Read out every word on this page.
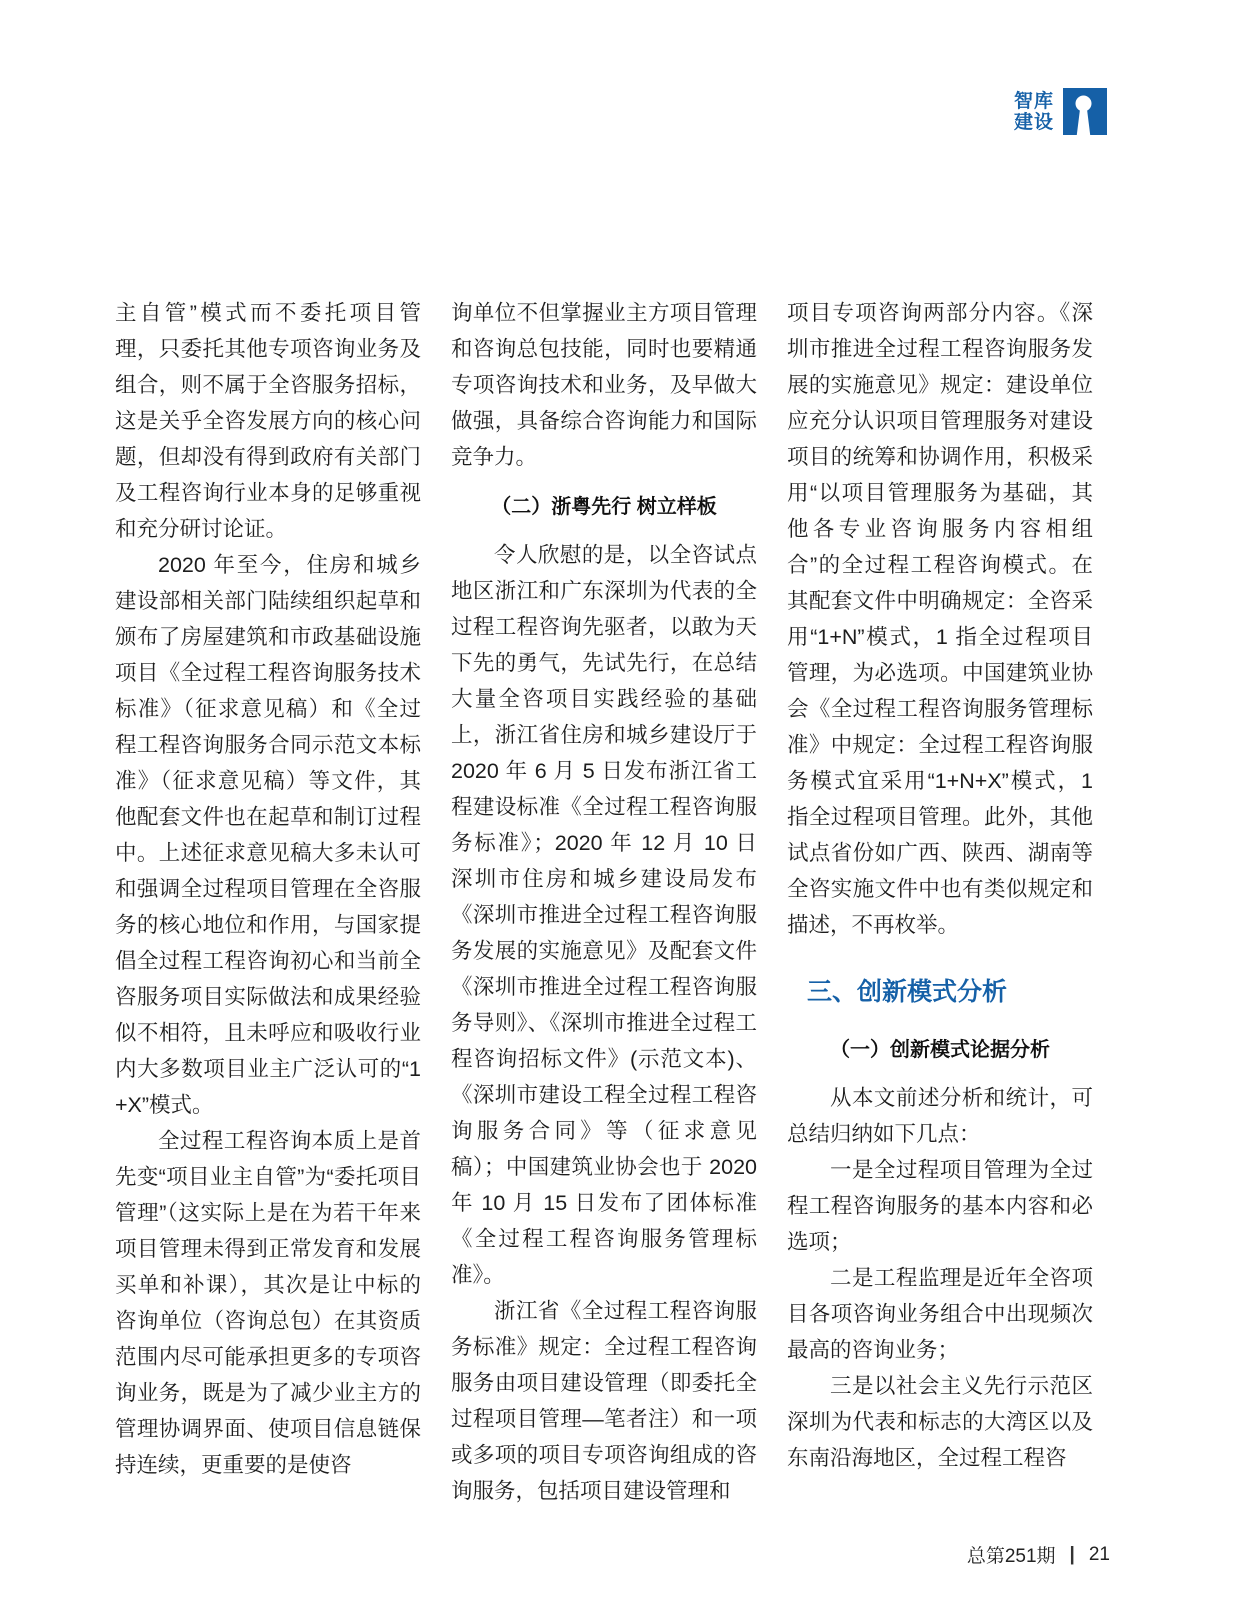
智库
建设

主自管”模式而不委托项目管理，只委托其他专项咨询业务及组合，则不属于全咨服务招标，这是关乎全咨发展方向的核心问题，但却没有得到政府有关部门及工程咨询行业本身的足够重视和充分研讨论证。

2020 年至今，住房和城乡建设部相关部门陆续组织起草和颁布了房屋建筑和市政基础设施项目《全过程工程咨询服务技术标准》（征求意见稿）和《全过程工程咨询服务合同示范文本标准》（征求意见稿）等文件，其他配套文件也在起草和制订过程中。上述征求意见稿大多未认可和强调全过程项目管理在全咨服务的核心地位和作用，与国家提倡全过程工程咨询初心和当前全咨服务项目实际做法和成果经验似不相符，且未呼应和吸收行业内大多数项目业主广泛认可的“1+X”模式。

全过程工程咨询本质上是首先变“项目业主自管”为“委托项目管理”（这实际上是在为若干年来项目管理未得到正常发育和发展买单和补课），其次是让中标的咨询单位（咨询总包）在其资质范围内尽可能承担更多的专项咨询业务，既是为了减少业主方的管理协调界面、使项目信息链保持连续，更重要的是使咨

询单位不但掌握业主方项目管理和咨询总包技能，同时也要精通专项咨询技术和业务，及早做大做强，具备综合咨询能力和国际竞争力。

（二）浙粤先行 树立样板

令人欣慰的是，以全咨试点地区浙江和广东深圳为代表的全过程工程咨询先驱者，以敢为天下先的勇气，先试先行，在总结大量全咨项目实践经验的基础上，浙江省住房和城乡建设厅于 2020 年 6 月 5 日发布浙江省工程建设标准《全过程工程咨询服务标准》；2020 年 12 月 10 日深圳市住房和城乡建设局发布《深圳市推进全过程工程咨询服务发展的实施意见》及配套文件《深圳市推进全过程工程咨询服务导则》、《深圳市推进全过程工程咨询招标文件》(示范文本)、《深圳市建设工程全过程工程咨询服务合同》等（征求意见稿）；中国建筑业协会也于 2020 年 10 月 15 日发布了团体标准《全过程工程咨询服务管理标准》。

浙江省《全过程工程咨询服务标准》规定：全过程工程咨询服务由项目建设管理（即委托全过程项目管理—笔者注）和一项或多项的项目专项咨询组成的咨询服务，包括项目建设管理和

项目专项咨询两部分内容。《深圳市推进全过程工程咨询服务发展的实施意见》规定：建设单位应充分认识项目管理服务对建设项目的统筹和协调作用，积极采用“以项目管理服务为基础，其他各专业咨询服务内容相组合”的全过程工程咨询模式。在其配套文件中明确规定：全咨采用“1+N”模式，1 指全过程项目管理，为必选项。中国建筑业协会《全过程工程咨询服务管理标准》中规定：全过程工程咨询服务模式宜采用“1+N+X”模式，1 指全过程项目管理。此外，其他试点省份如广西、陕西、湖南等全咨实施文件中也有类似规定和描述，不再枚举。

三、创新模式分析
（一）创新模式论据分析

从本文前述分析和统计，可总结归纳如下几点：

一是全过程项目管理为全过程工程咨询服务的基本内容和必选项；

二是工程监理是近年全咨项目各项咨询业务组合中出现频次最高的咨询业务；

三是以社会主义先行示范区深圳为代表和标志的大湾区以及东南沿海地区，全过程工程咨

总第251期 | 21
